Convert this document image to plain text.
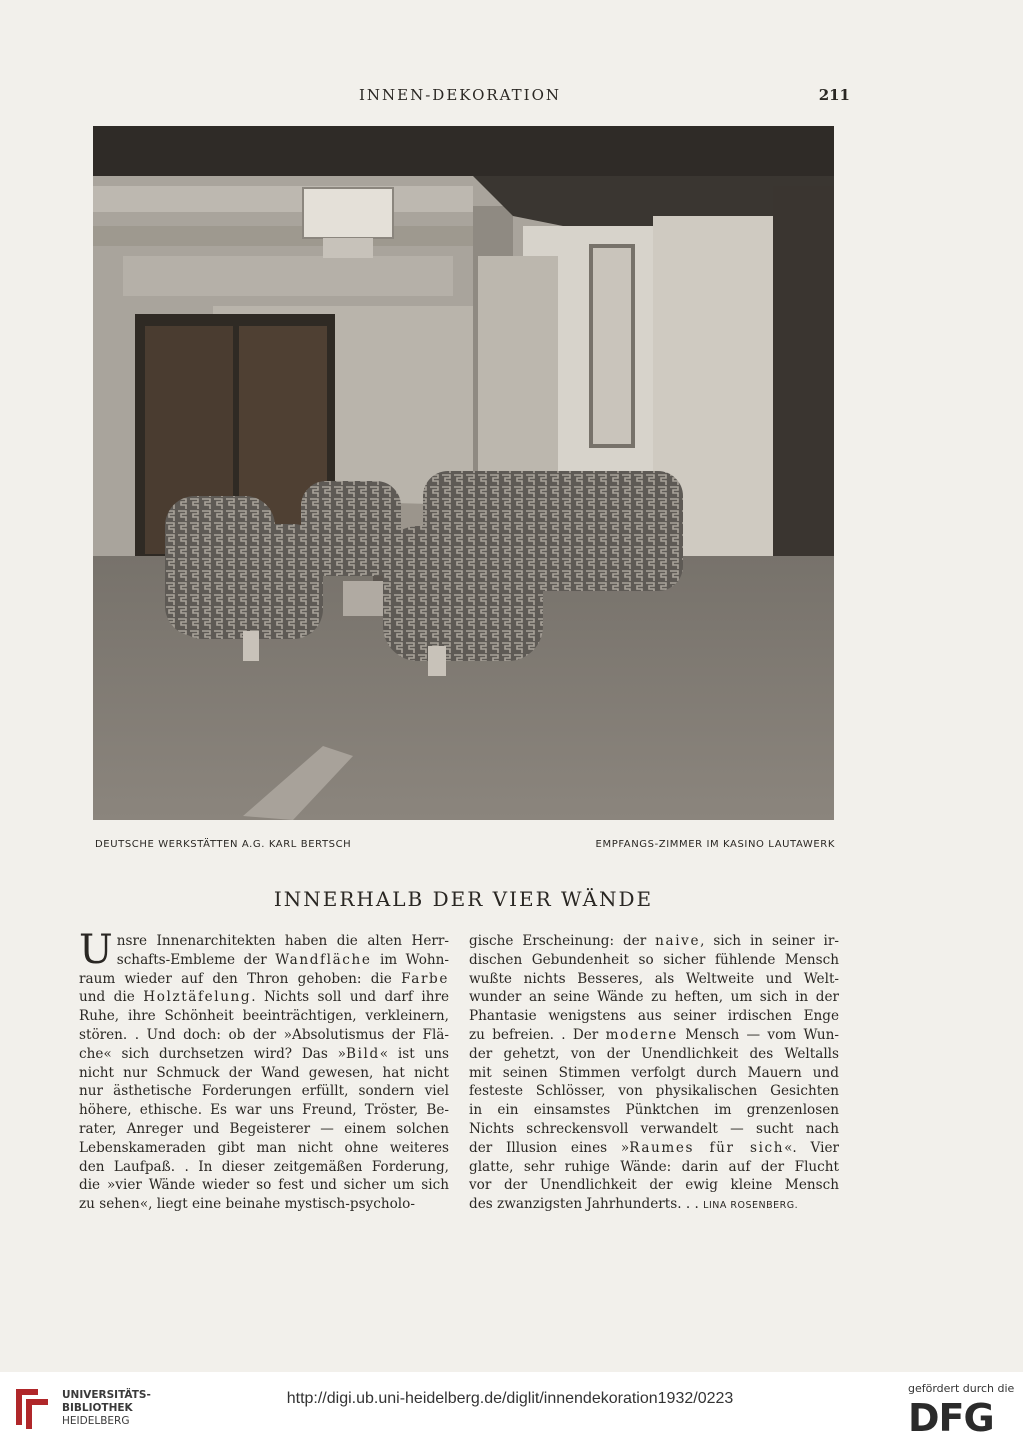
INNEN-DEKORATION	211
DEUTSCHE WERKSTÄTTEN A.G. KARL BERTSCH	EMPFANGS-ZIMMER IM KASINO LAUTAWERK
INNERHALB DER VIER WÄNDE
U nsre Innenarchitekten haben die alten Herr-
schafts-Embleme der Wandfläche im Wohn-
raum wieder auf den Thron gehoben: die Farbe
und die Holztäfelung. Nichts soll und darf ihre
Ruhe, ihre Schönheit beeinträchtigen, verkleinern,
stören. . Und doch: ob der »Absolutismus der Flä-
che« sich durchsetzen wird? Das »Bild« ist uns
nicht nur Schmuck der Wand gewesen, hat nicht
nur ästhetische Forderungen erfüllt, sondern viel
höhere, ethische. Es war uns Freund, Tröster, Be-
rater, Anreger und Begeisterer — einem solchen
Lebenskameraden gibt man nicht ohne weiteres
den Laufpaß. . In dieser zeitgemäßen Forderung,
die »vier Wände wieder so fest und sicher um sich
zu sehen«, liegt eine beinahe mystisch-psycholo-
gische Erscheinung: der naive, sich in seiner ir-
dischen Gebundenheit so sicher fühlende Mensch
wußte nichts Besseres, als Weltweite und Welt-
wunder an seine Wände zu heften, um sich in der
Phantasie wenigstens aus seiner irdischen Enge
zu befreien. . Der moderne Mensch — vom Wun-
der gehetzt, von der Unendlichkeit des Weltalls
mit seinen Stimmen verfolgt durch Mauern und
festeste Schlösser, von physikalischen Gesichten
in ein einsamstes Pünktchen im grenzenlosen
Nichts schreckensvoll verwandelt — sucht nach
der Illusion eines »Raumes für sich«. Vier
glatte, sehr ruhige Wände: darin auf der Flucht
vor der Unendlichkeit der ewig kleine Mensch
des zwanzigsten Jahrhunderts. . . LINA ROSENBERG.
UNIVERSITÄTS-
BIBLIOTHEK
HEIDELBERG
http://digi.ub.uni-heidelberg.de/diglit/innendekoration1932/0223
gefördert durch die
DFG
